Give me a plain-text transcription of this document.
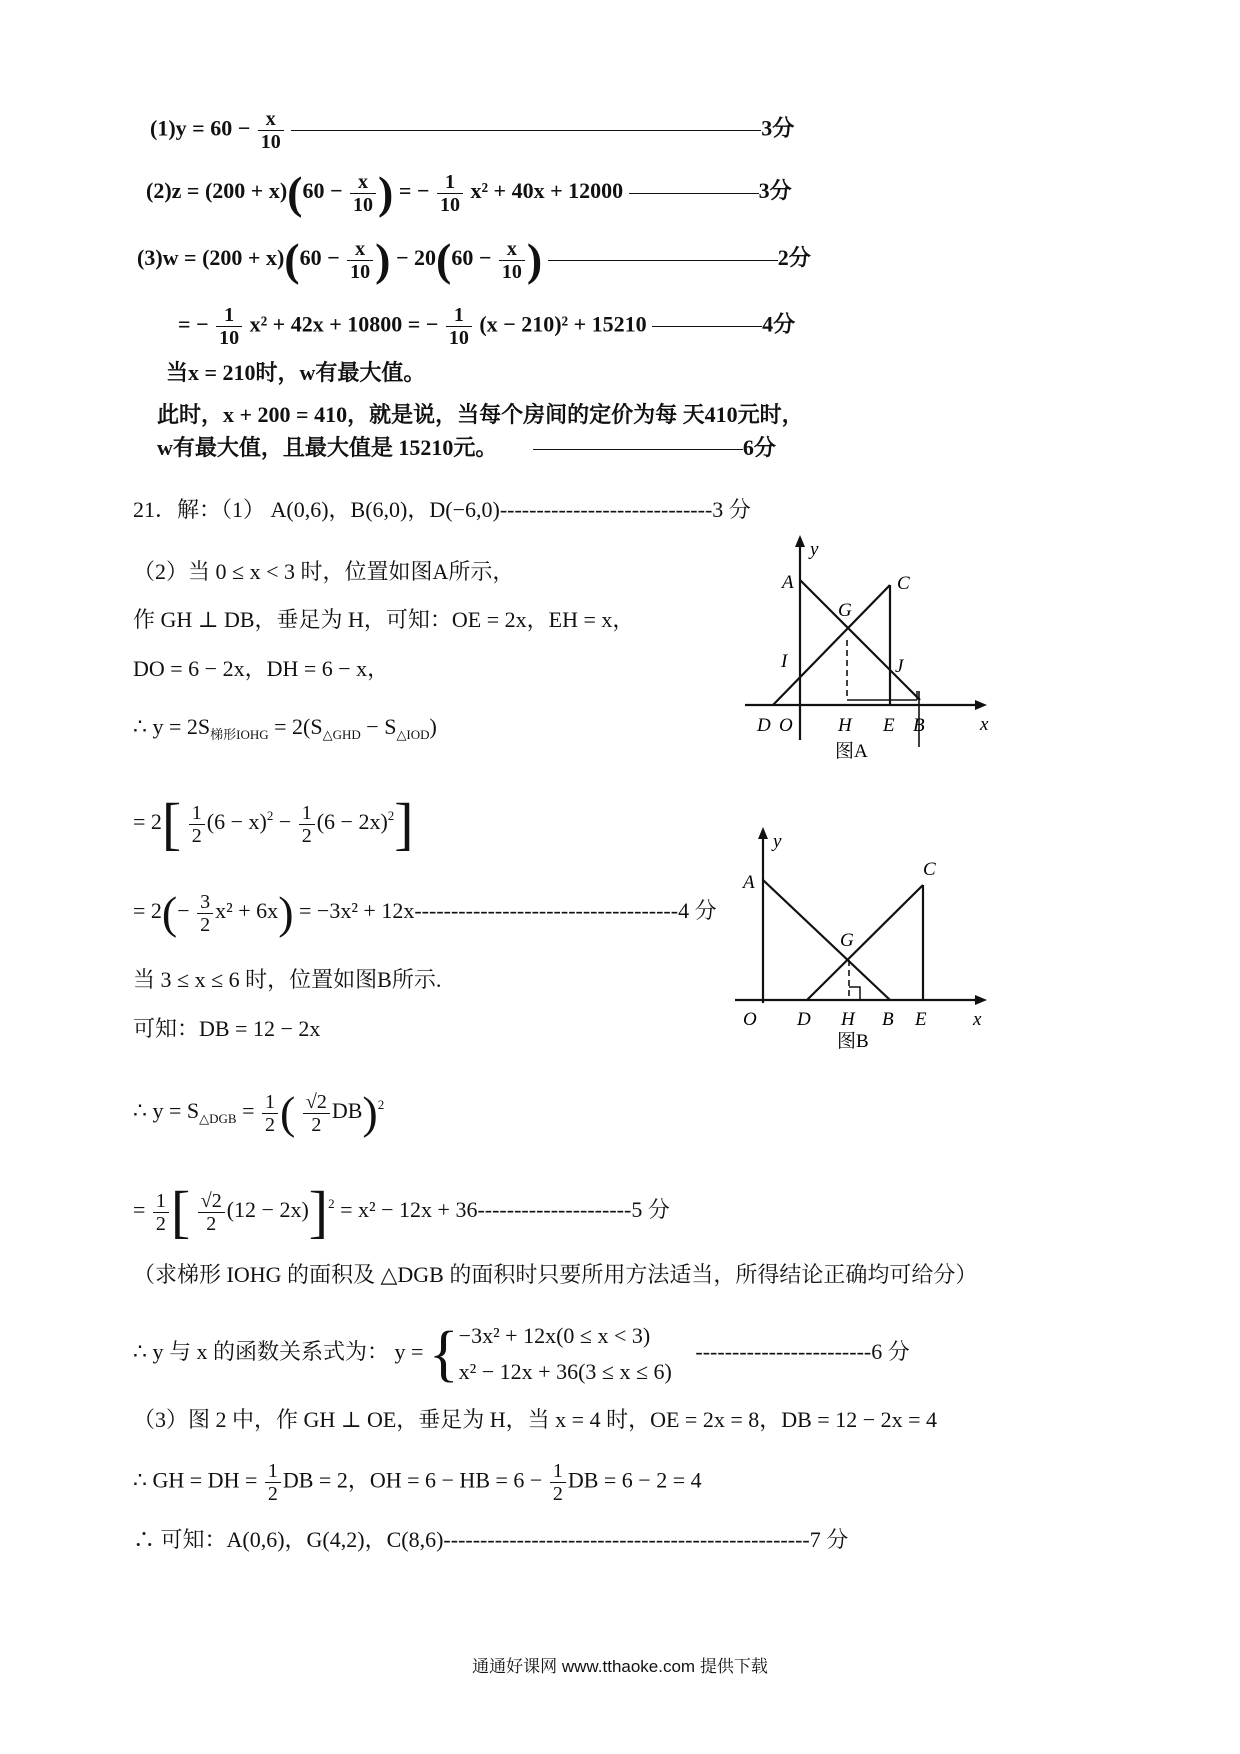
$(1)y = 60 - \frac{x}{10}$	3分
$(2)z = (200 + x)(60 - \frac{x}{10}$ ) = − $\frac{1}{10} x^2 + 40x + 12000$	3分
$(3)w = (200 + x)(60 - \frac{x}{10}$ ) − $20(60 - \frac{x}{10}$ )	2分
= − $\frac{1}{10} x^2 + 42x + 10800$ = − $\frac{1}{10} (x - 210)^2 + 15210$	4分
当x = 210时，w有最大值。
此时，x + 200 = 410，就是说，当每个房间的定价为每 天410元时，
w有最大值，且最大值是 15210元。	6分
21．解：（1） A(0,6)，B(6,0)，D(−6,0)-----------------------------3 分
（2）当 0 ≤ x < 3 时，位置如图A所示，
作 GH ⊥ DB，垂足为 H，可知：OE = 2x，EH = x，
DO = 6 − 2x，DH = 6 − x，
∴ $y = 2S_{梯形IOHG} = 2(S_{\triangle GHD} - S_{\triangle IOD})$
= $2[ \frac{1}{2} (6 - x)^2 - \frac{1}{2} (6 - 2x)^2]$
= $2(- \frac{3}{2} x^2 + 6x) = -3x^2 + 12x------------------------------------4$ 分
当 3 ≤ x ≤ 6 时，位置如图B所示.
可知：DB = 12 − 2x
∴ $y = S_{\triangle DGB} = \frac{1}{2}$ ( $\frac{√2}{2} DB)^2$
= $\frac{1}{2}$ [ $\frac{√2}{2} (12 - 2x)]^2 = x^2 - 12x + 36---------------------5$ 分
（求梯形 IOHG 的面积及 △DGB 的面积时只要所用方法适当，所得结论正确均可给分）
∴ y 与 x 的函数关系式为： y = { −3x² + 12x(0 ≤ x < 3)
x² − 12x + 36(3 ≤ x ≤ 6)
------------------------6 分
（3）图 2 中，作 GH ⊥ OE，垂足为 H，当 x = 4 时，OE = 2x = 8，DB = 12 − 2x = 4
∴ GH = DH = $\frac{1}{2}$ DB = 2，OH = 6 − HB = $6 - \frac{1}{2}$ DB = 6 − 2 = 4
∴ 可知：A(0,6)，G(4,2)，C(8,6)--------------------------------------------------7 分
y
x
A	C
G
I	J
D O H E B
图A
y
x
A
C
G
O D H B E
图B
通通好课网 www.tthaoke.com 提供下载
